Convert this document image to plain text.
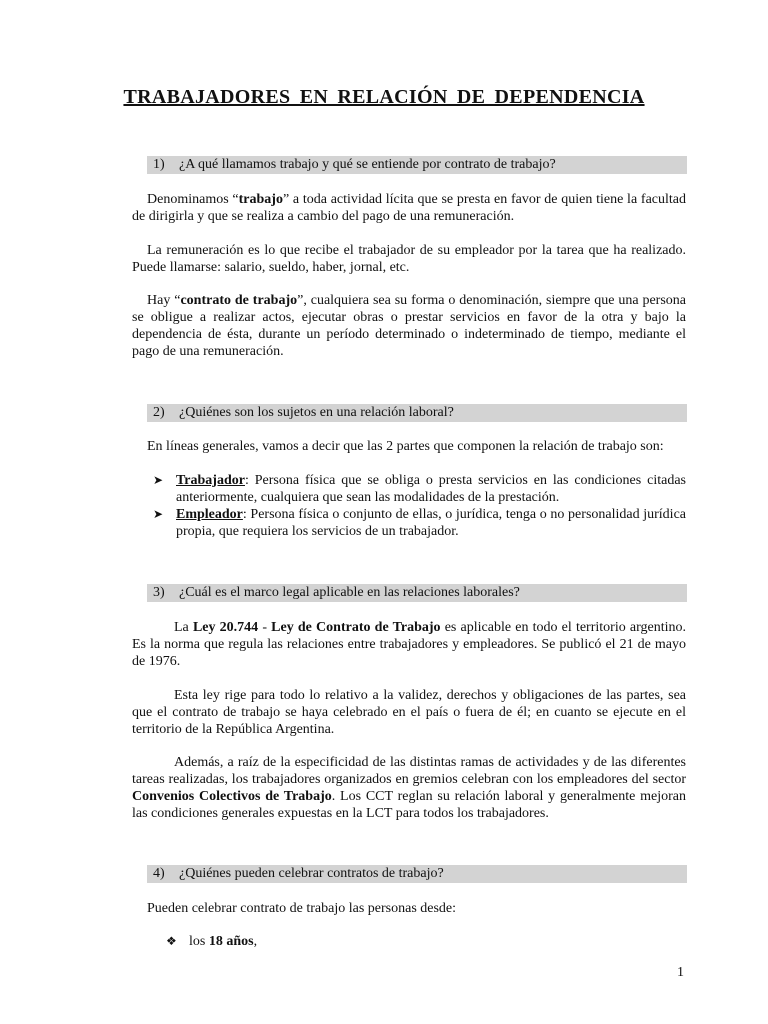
TRABAJADORES EN RELACIÓN DE DEPENDENCIA
1) ¿A qué llamamos trabajo y qué se entiende por contrato de trabajo?

Denominamos “trabajo” a toda actividad lícita que se presta en favor de quien tiene la facultad de dirigirla y que se realiza a cambio del pago de una remuneración.

La remuneración es lo que recibe el trabajador de su empleador por la tarea que ha realizado. Puede llamarse: salario, sueldo, haber, jornal, etc.

Hay “contrato de trabajo”, cualquiera sea su forma o denominación, siempre que una persona se obligue a realizar actos, ejecutar obras o prestar servicios en favor de la otra y bajo la dependencia de ésta, durante un período determinado o indeterminado de tiempo, mediante el pago de una remuneración.

2) ¿Quiénes son los sujetos en una relación laboral?

En líneas generales, vamos a decir que las 2 partes que componen la relación de trabajo son:

➤ Trabajador: Persona física que se obliga o presta servicios en las condiciones citadas anteriormente, cualquiera que sean las modalidades de la prestación.
➤ Empleador: Persona física o conjunto de ellas, o jurídica, tenga o no personalidad jurídica propia, que requiera los servicios de un trabajador.
3) ¿Cuál es el marco legal aplicable en las relaciones laborales?

La Ley 20.744 - Ley de Contrato de Trabajo es aplicable en todo el territorio argentino. Es la norma que regula las relaciones entre trabajadores y empleadores. Se publicó el 21 de mayo de 1976.

Esta ley rige para todo lo relativo a la validez, derechos y obligaciones de las partes, sea que el contrato de trabajo se haya celebrado en el país o fuera de él; en cuanto se ejecute en el territorio de la República Argentina.

Además, a raíz de la especificidad de las distintas ramas de actividades y de las diferentes tareas realizadas, los trabajadores organizados en gremios celebran con los empleadores del sector Convenios Colectivos de Trabajo. Los CCT reglan su relación laboral y generalmente mejoran las condiciones generales expuestas en la LCT para todos los trabajadores.

4) ¿Quiénes pueden celebrar contratos de trabajo?

Pueden celebrar contrato de trabajo las personas desde:

❖ los 18 años,
1
